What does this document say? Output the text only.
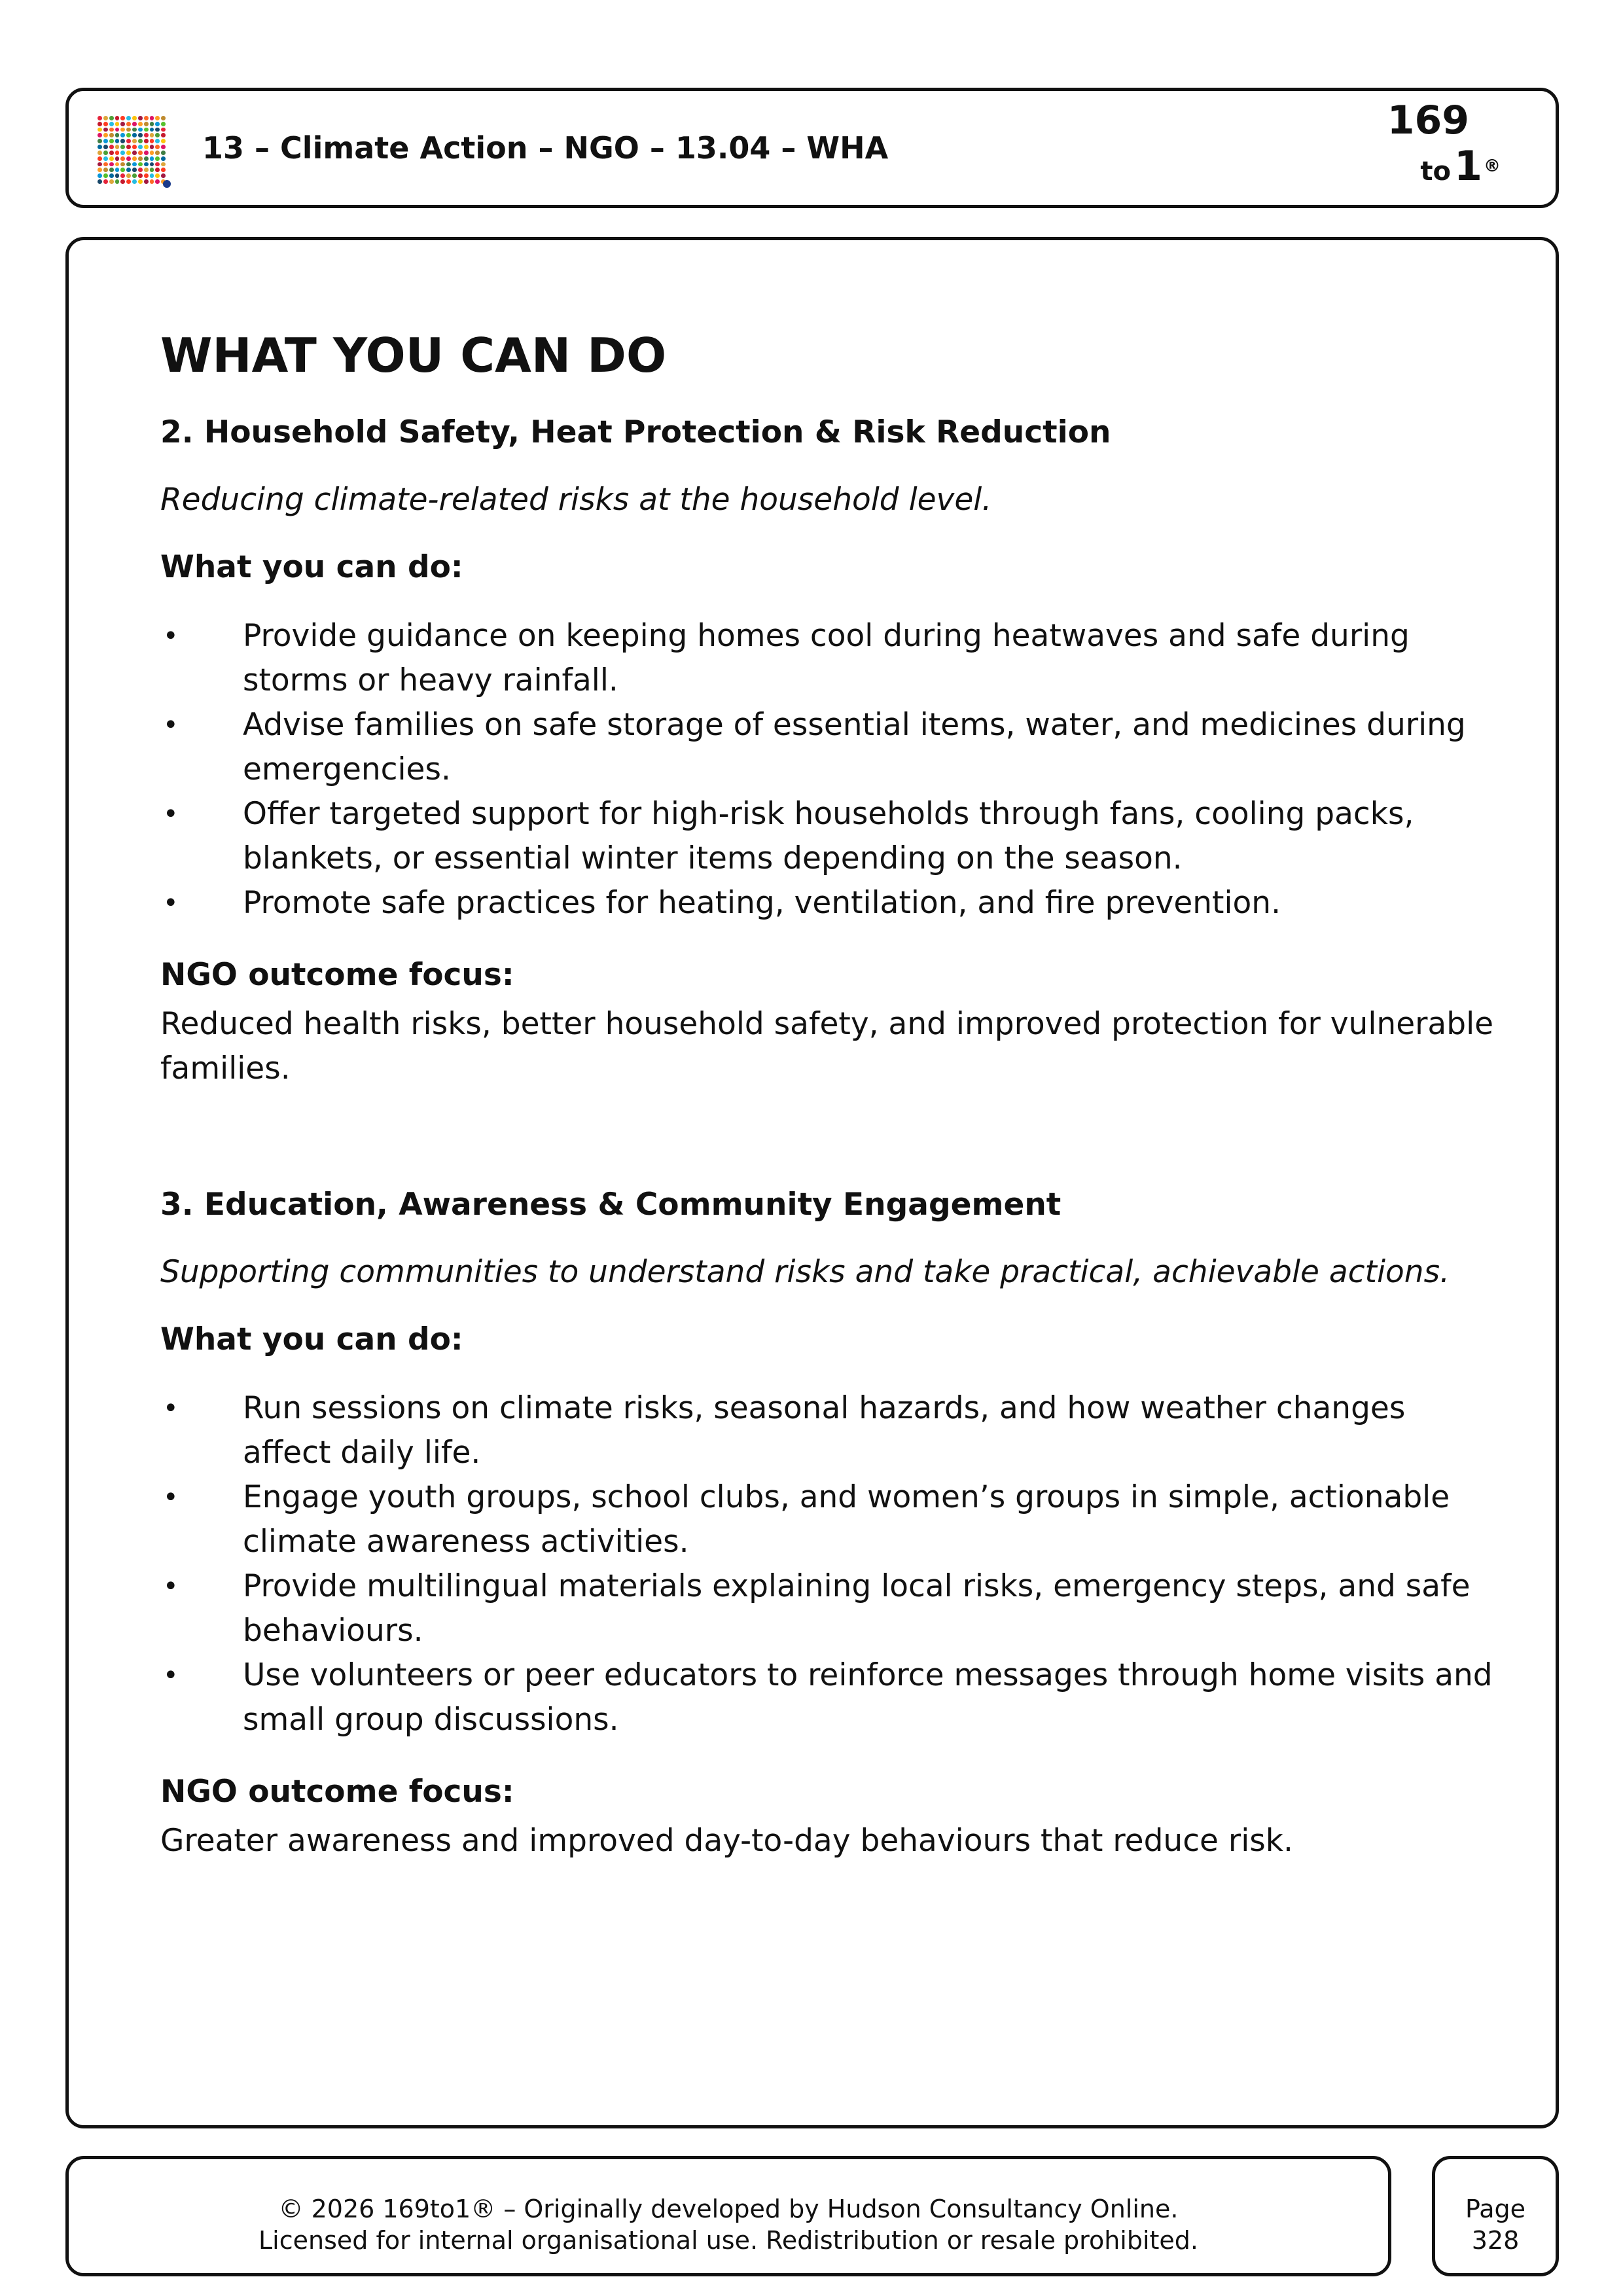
13 – Climate Action – NGO – 13.04 – WHA
169
to 1 ®
WHAT YOU CAN DO
2. Household Safety, Heat Protection & Risk Reduction

Reducing climate-related risks at the household level.

What you can do:

• Provide guidance on keeping homes cool during heatwaves and safe during storms or heavy rainfall.
• Advise families on safe storage of essential items, water, and medicines during emergencies.
• Offer targeted support for high-risk households through fans, cooling packs, blankets, or essential winter items depending on the season.
• Promote safe practices for heating, ventilation, and fire prevention.

NGO outcome focus:

Reduced health risks, better household safety, and improved protection for vulnerable families.

3. Education, Awareness & Community Engagement

Supporting communities to understand risks and take practical, achievable actions.

What you can do:

• Run sessions on climate risks, seasonal hazards, and how weather changes affect daily life.
• Engage youth groups, school clubs, and women’s groups in simple, actionable climate awareness activities.
• Provide multilingual materials explaining local risks, emergency steps, and safe behaviours.
• Use volunteers or peer educators to reinforce messages through home visits and small group discussions.

NGO outcome focus:

Greater awareness and improved day-to-day behaviours that reduce risk.

© 2026 169to1® – Originally developed by Hudson Consultancy Online.
Licensed for internal organisational use. Redistribution or resale prohibited.
Page
328
